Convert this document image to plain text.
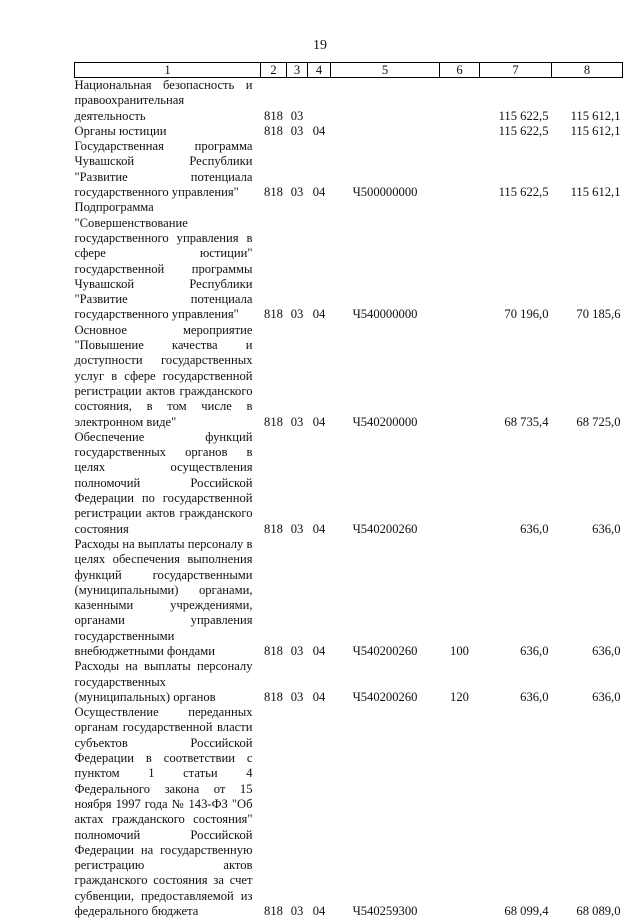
19
1	2	3	4	5	6	7	8
Национальная безопасность и правоохранительная деятельность	818	03				115 622,5	115 612,1
Органы юстиции	818	03	04			115 622,5	115 612,1
Государственная программа Чувашской Республики "Развитие потенциала государственного управления"	818	03	04	Ч500000000		115 622,5	115 612,1
Подпрограмма "Совершенствование государственного управления в сфере юстиции" государственной программы Чувашской Республики "Развитие потенциала государственного управления"	818	03	04	Ч540000000		70 196,0	70 185,6
Основное мероприятие "Повышение качества и доступности государственных услуг в сфере государственной регистрации актов гражданского состояния, в том числе в электронном виде"	818	03	04	Ч540200000		68 735,4	68 725,0
Обеспечение функций государственных органов в целях осуществления полномочий Российской Федерации по государственной регистрации актов гражданского состояния	818	03	04	Ч540200260		636,0	636,0
Расходы на выплаты персоналу в целях обеспечения выполнения функций государственными (муниципальными) органами, казенными учреждениями, органами управления государственными внебюджетными фондами	818	03	04	Ч540200260	100	636,0	636,0
Расходы на выплаты персоналу государственных (муниципальных) органов	818	03	04	Ч540200260	120	636,0	636,0
Осуществление переданных органам государственной власти субъектов Российской Федерации в соответствии с пунктом 1 статьи 4 Федерального закона от 15 ноября 1997 года № 143-ФЗ "Об актах гражданского состояния" полномочий Российской Федерации на государственную регистрацию актов гражданского состояния за счет субвенции, предоставляемой из федерального бюджета	818	03	04	Ч540259300		68 099,4	68 089,0
